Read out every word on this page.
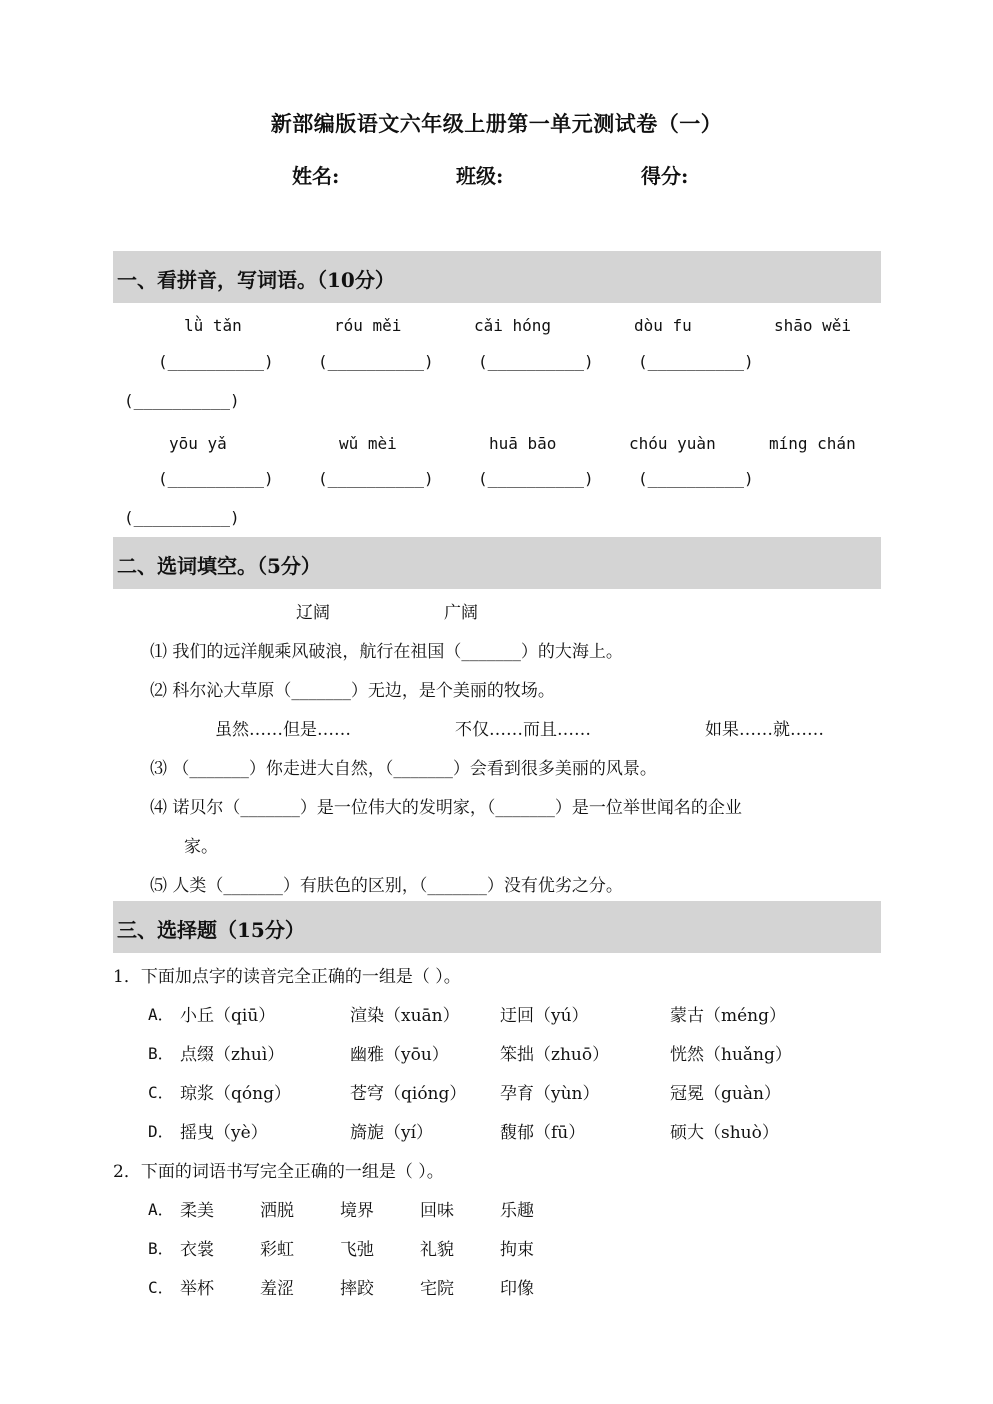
新部编版语文六年级上册第一单元测试卷（一）
姓名:	班级:	得分:
一、看拼音，写词语。（10分）
lǜ tǎn	róu měi	cǎi hóng	dòu fu	shāo wěi
(__________)	(__________)	(__________)	(__________)
(__________)
yōu yǎ	wǔ mèi	huā bāo	chóu yuàn	míng chán
(__________)	(__________)	(__________)	(__________)
(__________)
二、选词填空。（5分）
辽阔	广阔
⑴ 我们的远洋舰乘风破浪，航行在祖国（_______）的大海上。
⑵ 科尔沁大草原（_______）无边，是个美丽的牧场。
虽然……但是……	不仅……而且……	如果……就……
⑶ （_______）你走进大自然，（_______）会看到很多美丽的风景。
⑷ 诺贝尔（_______）是一位伟大的发明家，（_______）是一位举世闻名的企业
家。
⑸ 人类（_______）有肤色的区别，（_______）没有优劣之分。
三、选择题（15分）
1．下面加点字的读音完全正确的一组是（ ）。
A． 小丘（qiū）	渲染（xuān） 迂回（yú）	蒙古（méng）
B． 点缀（zhuì）	幽雅（yōu）	笨拙（zhuō）	恍然（huǎng）
C． 琼浆（qóng）	苍穹（qióng） 孕育（yùn）	冠冕（guàn）
D． 摇曳（yè）	旖旎（yí）	馥郁（fū）	硕大（shuò）
2．下面的词语书写完全正确的一组是（ ）。
A． 柔美	洒脱	境界	回味	乐趣
B． 衣裳	彩虹	飞弛	礼貌	拘束
C． 举杯	羞涩	摔跤	宅院	印像
